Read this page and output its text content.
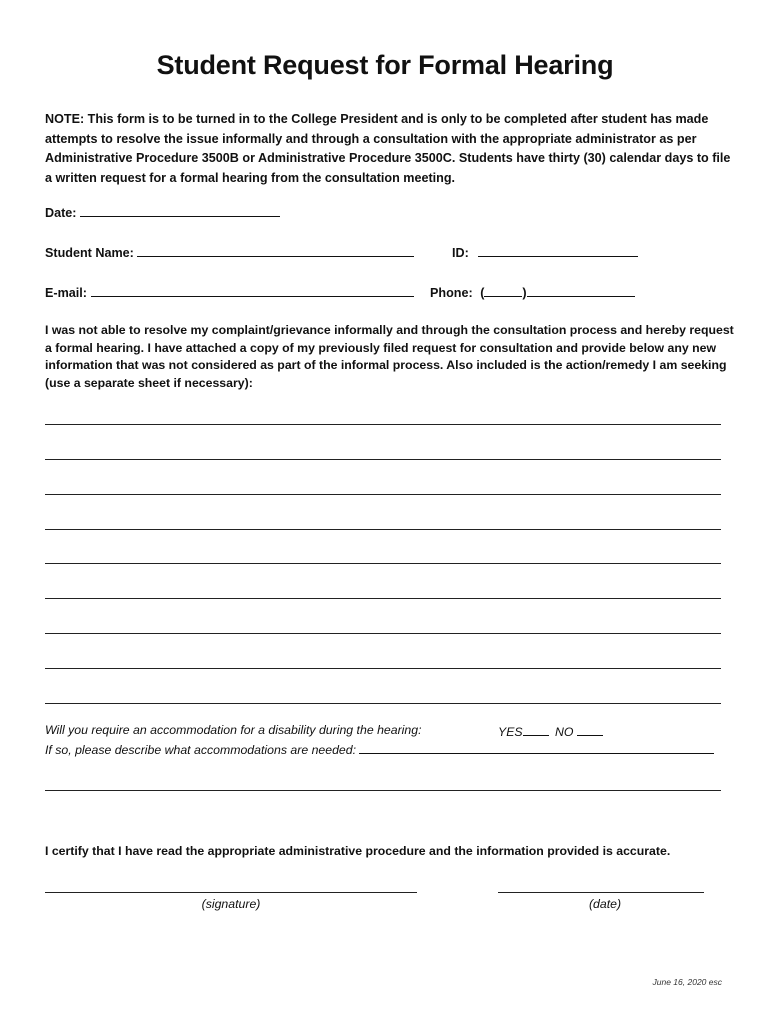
Student Request for Formal Hearing
NOTE: This form is to be turned in to the College President and is only to be completed after student has made attempts to resolve the issue informally and through a consultation with the appropriate administrator as per Administrative Procedure 3500B or Administrative Procedure 3500C. Students have thirty (30) calendar days to file a written request for a formal hearing from the consultation meeting.
Date:
Student Name:	ID:
E-mail:	Phone: (	)
I was not able to resolve my complaint/grievance informally and through the consultation process and hereby request a formal hearing. I have attached a copy of my previously filed request for consultation and provide below any new information that was not considered as part of the informal process. Also included is the action/remedy I am seeking (use a separate sheet if necessary):
Will you require an accommodation for a disability during the hearing:	YES	NO
If so, please describe what accommodations are needed:
I certify that I have read the appropriate administrative procedure and the information provided is accurate.
(signature)	(date)
June 16, 2020 esc
